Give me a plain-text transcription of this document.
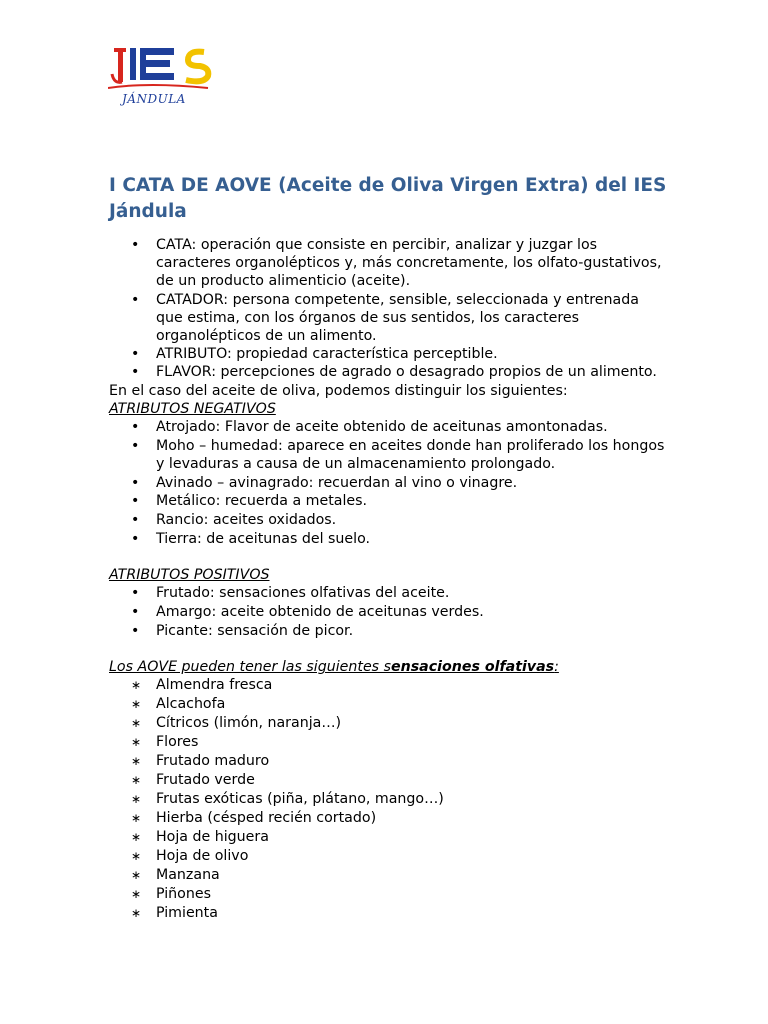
JÁNDULA
I CATA DE AOVE (Aceite de Oliva Virgen Extra) del IES Jándula
• CATA: operación que consiste en percibir, analizar y juzgar los caracteres organolépticos y, más concretamente, los olfato-gustativos, de un producto alimenticio (aceite).
• CATADOR: persona competente, sensible, seleccionada y entrenada que estima, con los órganos de sus sentidos, los caracteres organolépticos de un alimento.
• ATRIBUTO: propiedad característica perceptible.
• FLAVOR: percepciones de agrado o desagrado propios de un alimento.

En el caso del aceite de oliva, podemos distinguir los siguientes:

ATRIBUTOS NEGATIVOS

• Atrojado: Flavor de aceite obtenido de aceitunas amontonadas.
• Moho – humedad: aparece en aceites donde han proliferado los hongos y levaduras a causa de un almacenamiento prolongado.
• Avinado – avinagrado: recuerdan al vino o vinagre.
• Metálico: recuerda a metales.
• Rancio: aceites oxidados.
• Tierra: de aceitunas del suelo.

ATRIBUTOS POSITIVOS

• Frutado: sensaciones olfativas del aceite.
• Amargo: aceite obtenido de aceitunas verdes.
• Picante: sensación de picor.

Los AOVE pueden tener las siguientes sensaciones olfativas:

∗ Almendra fresca
∗ Alcachofa
∗ Cítricos (limón, naranja…)
∗ Flores
∗ Frutado maduro
∗ Frutado verde
∗ Frutas exóticas (piña, plátano, mango…)
∗ Hierba (césped recién cortado)
∗ Hoja de higuera
∗ Hoja de olivo
∗ Manzana
∗ Piñones
∗ Pimienta
